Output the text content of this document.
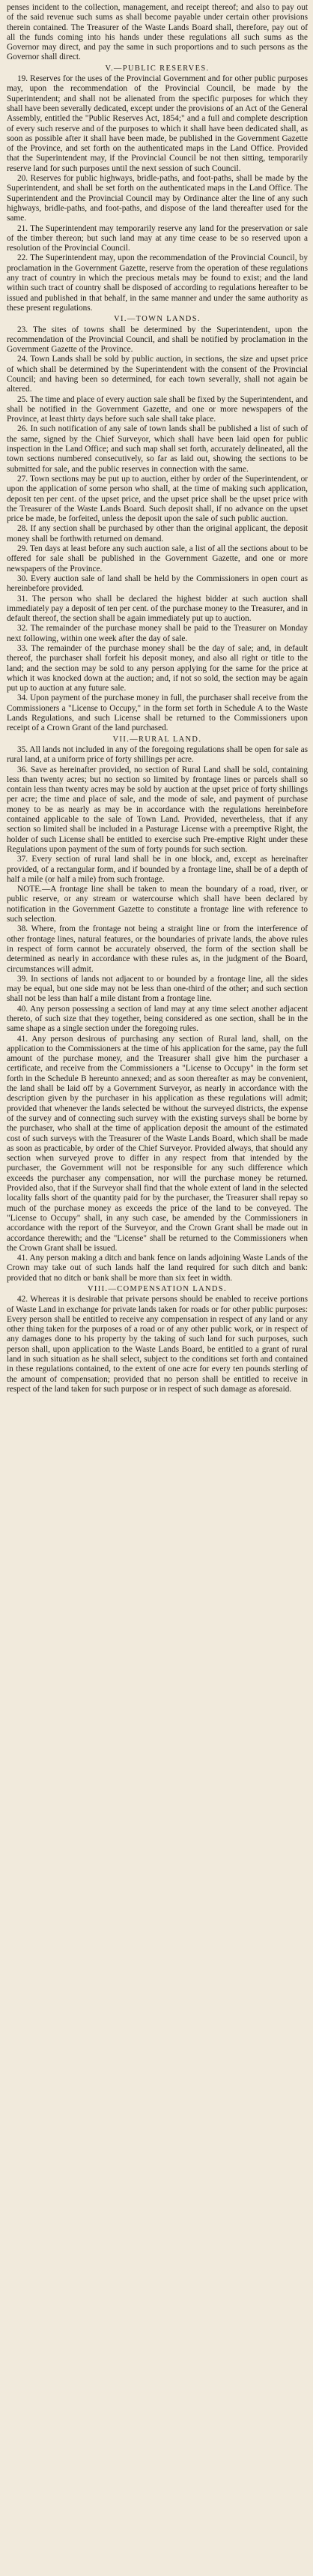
penses incident to the collection, management, and receipt thereof; and also to pay out of the said revenue such sums as shall become payable under certain other provisions therein contained. The Treasurer of the Waste Lands Board shall, therefore, pay out of all the funds coming into his hands under these regulations all such sums as the Governor may direct, and pay the same in such proportions and to such persons as the Governor shall direct.

V.—PUBLIC RESERVES.

19. Reserves for the uses of the Provincial Government and for other public purposes may, upon the recommendation of the Provincial Council, be made by the Superintendent; and shall not be alienated from the specific purposes for which they shall have been severally dedicated, except under the provisions of an Act of the General Assembly, entitled the "Public Reserves Act, 1854;" and a full and complete description of every such reserve and of the purposes to which it shall have been dedicated shall, as soon as possible after it shall have been made, be published in the Government Gazette of the Province, and set forth on the authenticated maps in the Land Office. Provided that the Superintendent may, if the Provincial Council be not then sitting, temporarily reserve land for such purposes until the next session of such Council.

20. Reserves for public highways, bridle-paths, and foot-paths, shall be made by the Superintendent, and shall be set forth on the authenticated maps in the Land Office. The Superintendent and the Provincial Council may by Ordinance alter the line of any such highways, bridle-paths, and foot-paths, and dispose of the land thereafter used for the same.

21. The Superintendent may temporarily reserve any land for the preservation or sale of the timber thereon; but such land may at any time cease to be so reserved upon a resolution of the Provincial Council.

22. The Superintendent may, upon the recommendation of the Provincial Council, by proclamation in the Government Gazette, reserve from the operation of these regulations any tract of country in which the precious metals may be found to exist; and the land within such tract of country shall be disposed of according to regulations hereafter to be issued and published in that behalf, in the same manner and under the same authority as these present regulations.

VI.—TOWN LANDS.

23. The sites of towns shall be determined by the Superintendent, upon the recommendation of the Provincial Council, and shall be notified by proclamation in the Government Gazette of the Province.

24. Town Lands shall be sold by public auction, in sections, the size and upset price of which shall be determined by the Superintendent with the consent of the Provincial Council; and having been so determined, for each town severally, shall not again be altered.

25. The time and place of every auction sale shall be fixed by the Superintendent, and shall be notified in the Government Gazette, and one or more newspapers of the Province, at least thirty days before such sale shall take place.

26. In such notification of any sale of town lands shall be published a list of such of the same, signed by the Chief Surveyor, which shall have been laid open for public inspection in the Land Office; and such map shall set forth, accurately delineated, all the town sections numbered consecutively, so far as laid out, showing the sections to be submitted for sale, and the public reserves in connection with the same.

27. Town sections may be put up to auction, either by order of the Superintendent, or upon the application of some person who shall, at the time of making such application, deposit ten per cent. of the upset price, and the upset price shall be the upset price with the Treasurer of the Waste Lands Board. Such deposit shall, if no advance on the upset price be made, be forfeited, unless the deposit upon the sale of such public auction.

28. If any section shall be purchased by other than the original applicant, the deposit money shall be forthwith returned on demand.

29. Ten days at least before any such auction sale, a list of all the sections about to be offered for sale shall be published in the Government Gazette, and one or more newspapers of the Province.

30. Every auction sale of land shall be held by the Commissioners in open court as hereinbefore provided.

31. The person who shall be declared the highest bidder at such auction shall immediately pay a deposit of ten per cent. of the purchase money to the Treasurer, and in default thereof, the section shall be again immediately put up to auction.

32. The remainder of the purchase money shall be paid to the Treasurer on Monday next following, within one week after the day of sale.

33. The remainder of the purchase money shall be the day of sale; and, in default thereof, the purchaser shall forfeit his deposit money, and also all right or title to the land; and the section may be sold to any person applying for the same for the price at which it was knocked down at the auction; and, if not so sold, the section may be again put up to auction at any future sale.

34. Upon payment of the purchase money in full, the purchaser shall receive from the Commissioners a "License to Occupy," in the form set forth in Schedule A to the Waste Lands Regulations, and such License shall be returned to the Commissioners upon receipt of a Crown Grant of the land purchased.

VII.—RURAL LAND.

35. All lands not included in any of the foregoing regulations shall be open for sale as rural land, at a uniform price of forty shillings per acre.

36. Save as hereinafter provided, no section of Rural Land shall be sold, containing less than twenty acres; but no section so limited by frontage lines or parcels shall so contain less than twenty acres may be sold by auction at the upset price of forty shillings per acre; the time and place of sale, and the mode of sale, and payment of purchase money to be as nearly as may be in accordance with the regulations hereinbefore contained applicable to the sale of Town Land. Provided, nevertheless, that if any section so limited shall be included in a Pasturage License with a preemptive Right, the holder of such License shall be entitled to exercise such Pre-emptive Right under these Regulations upon payment of the sum of forty pounds for such section.

37. Every section of rural land shall be in one block, and, except as hereinafter provided, of a rectangular form, and if bounded by a frontage line, shall be of a depth of half a mile (or half a mile) from such frontage.

NOTE.—A frontage line shall be taken to mean the boundary of a road, river, or public reserve, or any stream or watercourse which shall have been declared by notification in the Government Gazette to constitute a frontage line with reference to such selection.

38. Where, from the frontage not being a straight line or from the interference of other frontage lines, natural features, or the boundaries of private lands, the above rules in respect of form cannot be accurately observed, the form of the section shall be determined as nearly in accordance with these rules as, in the judgment of the Board, circumstances will admit.

39. In sections of lands not adjacent to or bounded by a frontage line, all the sides may be equal, but one side may not be less than one-third of the other; and such section shall not be less than half a mile distant from a frontage line.

40. Any person possessing a section of land may at any time select another adjacent thereto, of such size that they together, being considered as one section, shall be in the same shape as a single section under the foregoing rules.

41. Any person desirous of purchasing any section of Rural land, shall, on the application to the Commissioners at the time of his application for the same, pay the full amount of the purchase money, and the Treasurer shall give him the purchaser a certificate, and receive from the Commissioners a "License to Occupy" in the form set forth in the Schedule B hereunto annexed; and as soon thereafter as may be convenient, the land shall be laid off by a Government Surveyor, as nearly in accordance with the description given by the purchaser in his application as these regulations will admit; provided that whenever the lands selected be without the surveyed districts, the expense of the survey and of connecting such survey with the existing surveys shall be borne by the purchaser, who shall at the time of application deposit the amount of the estimated cost of such surveys with the Treasurer of the Waste Lands Board, which shall be made as soon as practicable, by order of the Chief Surveyor. Provided always, that should any section when surveyed prove to differ in any respect from that intended by the purchaser, the Government will not be responsible for any such difference which exceeds the purchaser any compensation, nor will the purchase money be returned. Provided also, that if the Surveyor shall find that the whole extent of land in the selected locality falls short of the quantity paid for by the purchaser, the Treasurer shall repay so much of the purchase money as exceeds the price of the land to be conveyed. The "License to Occupy" shall, in any such case, be amended by the Commissioners in accordance with the report of the Surveyor, and the Crown Grant shall be made out in accordance therewith; and the "License" shall be returned to the Commissioners when the Crown Grant shall be issued.

41. Any person making a ditch and bank fence on lands adjoining Waste Lands of the Crown may take out of such lands half the land required for such ditch and bank: provided that no ditch or bank shall be more than six feet in width.

VIII.—COMPENSATION LANDS.

42. Whereas it is desirable that private persons should be enabled to receive portions of Waste Land in exchange for private lands taken for roads or for other public purposes: Every person shall be entitled to receive any compensation in respect of any land or any other thing taken for the purposes of a road or of any other public work, or in respect of any damages done to his property by the taking of such land for such purposes, such person shall, upon application to the Waste Lands Board, be entitled to a grant of rural land in such situation as he shall select, subject to the conditions set forth and contained in these regulations contained, to the extent of one acre for every ten pounds sterling of the amount of compensation; provided that no person shall be entitled to receive in respect of the land taken for such purpose or in respect of such damage as aforesaid.
